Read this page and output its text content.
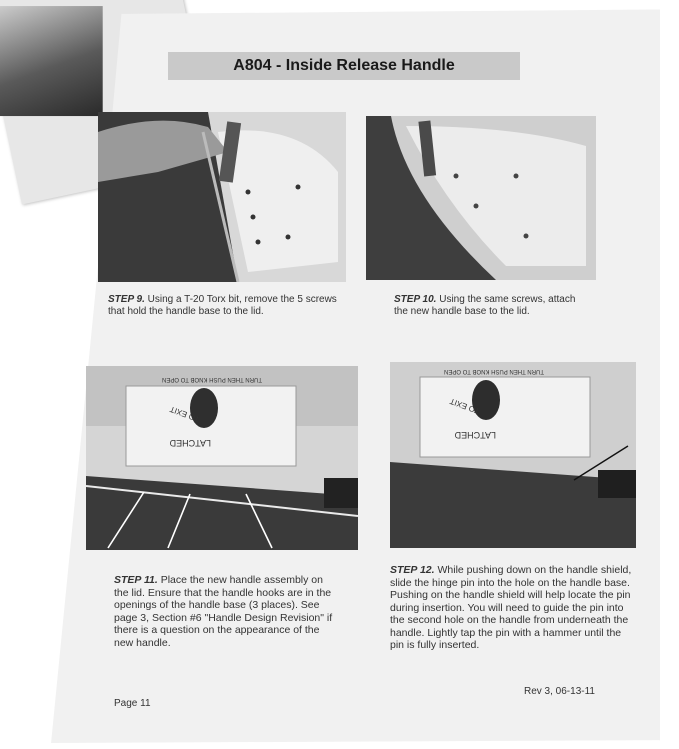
A804 - Inside Release Handle
STEP 9. Using a T-20 Torx bit, remove the 5 screws that hold the handle base to the lid.
STEP 10. Using the same screws, attach the new handle base to the lid.
LATCHED
TURN THEN PUSH KNOB TO OPEN
TO EXIT
LATCHED
TURN THEN PUSH KNOB TO OPEN
TO EXIT
STEP 11. Place the new handle assembly on the lid. Ensure that the handle hooks are in the openings of the handle base (3 places). See page 3, Section #6 "Handle Design Revision" if there is a question on the appearance of the new handle.
STEP 12. While pushing down on the handle shield, slide the hinge pin into the hole on the handle base. Pushing on the handle shield will help locate the pin during insertion. You will need to guide the pin into the second hole on the handle from underneath the handle. Lightly tap the pin with a hammer until the pin is fully inserted.
Page 11
Rev 3, 06-13-11
